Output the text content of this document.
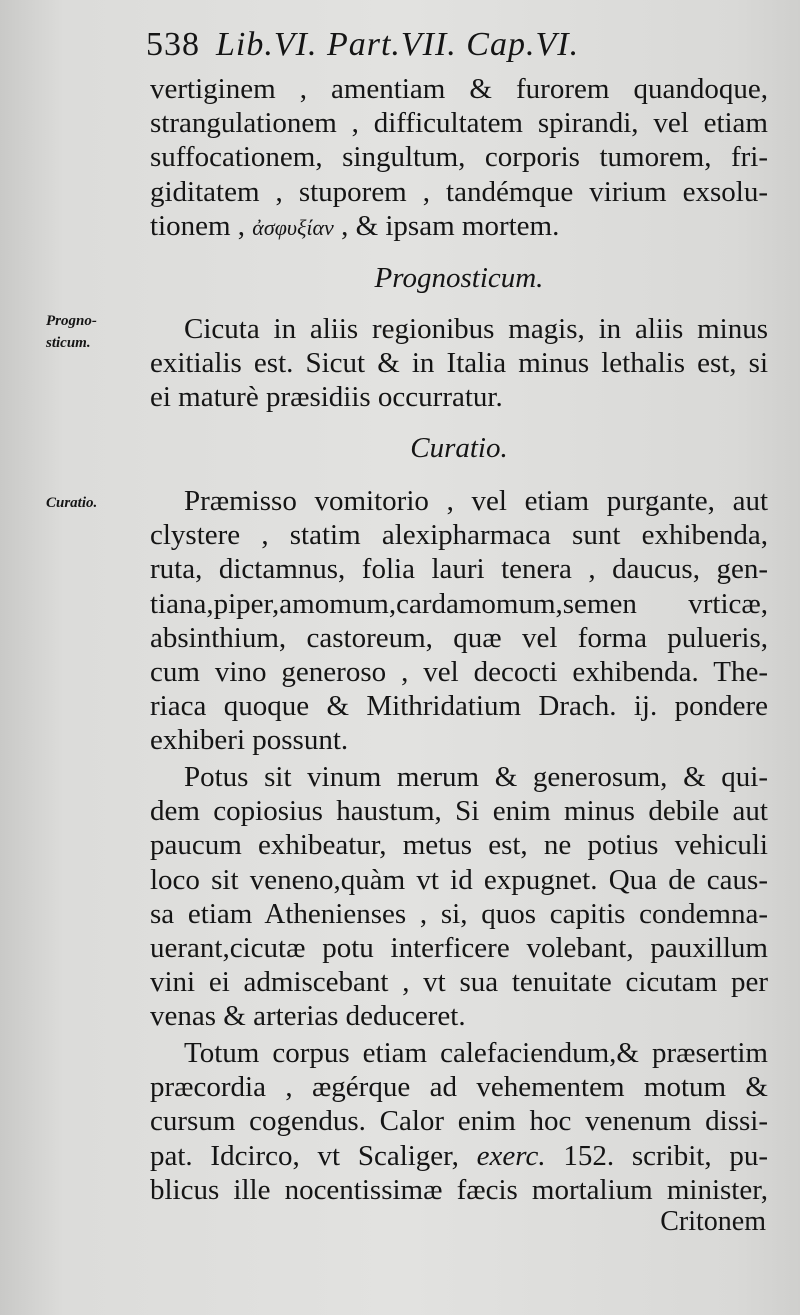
538 Lib.VI. Part.VII. Cap.VI.
vertiginem , amentiam & furorem quandoque,
strangulationem , difficultatem spirandi, vel etiam
suffocationem, singultum, corporis tumorem, fri-
giditatem , stuporem , tandémque virium exsolu-
tionem , ἀσφυξίαν , & ipsam mortem.
Prognosticum.
Progno-
sticum.	Cicuta in aliis regionibus magis, in aliis minus
exitialis est. Sicut & in Italia minus lethalis est, si
ei maturè præsidiis occurratur.
Curatio.
Curatio.	Præmisso vomitorio , vel etiam purgante, aut
clystere , statim alexipharmaca sunt exhibenda,
ruta, dictamnus, folia lauri tenera , daucus, gen-
tiana,piper,amomum,cardamomum,semen vrticæ,
absinthium, castoreum, quæ vel forma pulueris,
cum vino generoso , vel decocti exhibenda. The-
riaca quoque & Mithridatium Drach. ij. pondere
exhiberi possunt.
Potus sit vinum merum & generosum, & qui-
dem copiosius haustum, Si enim minus debile aut
paucum exhibeatur, metus est, ne potius vehiculi
loco sit veneno,quàm vt id expugnet. Qua de caus-
sa etiam Athenienses , si, quos capitis condemna-
uerant,cicutæ potu interficere volebant, pauxillum
vini ei admiscebant , vt sua tenuitate cicutam per
venas & arterias deduceret.
Totum corpus etiam calefaciendum,& præsertim
præcordia , ægérque ad vehementem motum &
cursum cogendus. Calor enim hoc venenum dissi-
pat. Idcirco, vt Scaliger, exerc. 152. scribit, pu-
blicus ille nocentissimæ fæcis mortalium minister,
Critonem
